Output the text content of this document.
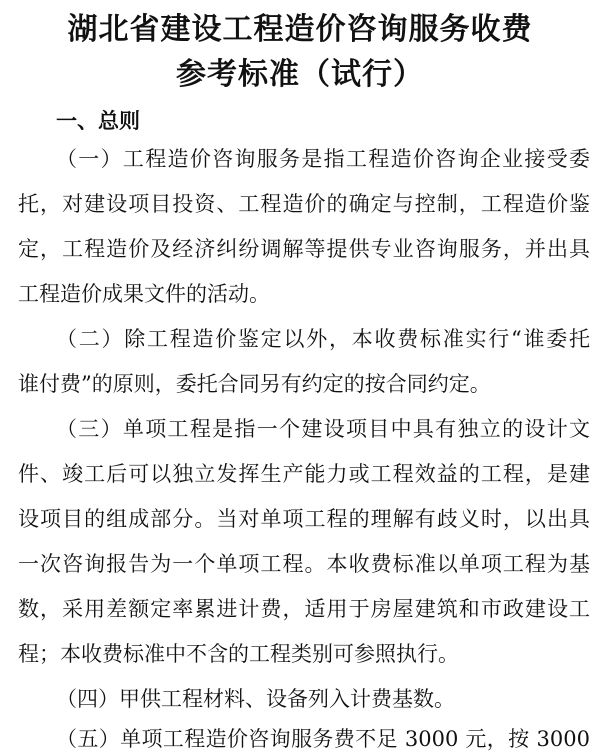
湖北省建设工程造价咨询服务收费
参考标准（试行）
一、总则

（一）工程造价咨询服务是指工程造价咨询企业接受委

托，对建设项目投资、工程造价的确定与控制，工程造价鉴

定，工程造价及经济纠纷调解等提供专业咨询服务，并出具

工程造价成果文件的活动。

（二）除工程造价鉴定以外，本收费标准实行“谁委托

谁付费”的原则，委托合同另有约定的按合同约定。

（三）单项工程是指一个建设项目中具有独立的设计文

件、竣工后可以独立发挥生产能力或工程效益的工程，是建

设项目的组成部分。当对单项工程的理解有歧义时，以出具

一次咨询报告为一个单项工程。本收费标准以单项工程为基

数，采用差额定率累进计费，适用于房屋建筑和市政建设工

程；本收费标准中不含的工程类别可参照执行。

（四）甲供工程材料、设备列入计费基数。

（五）单项工程造价咨询服务费不足 3000 元，按 3000
